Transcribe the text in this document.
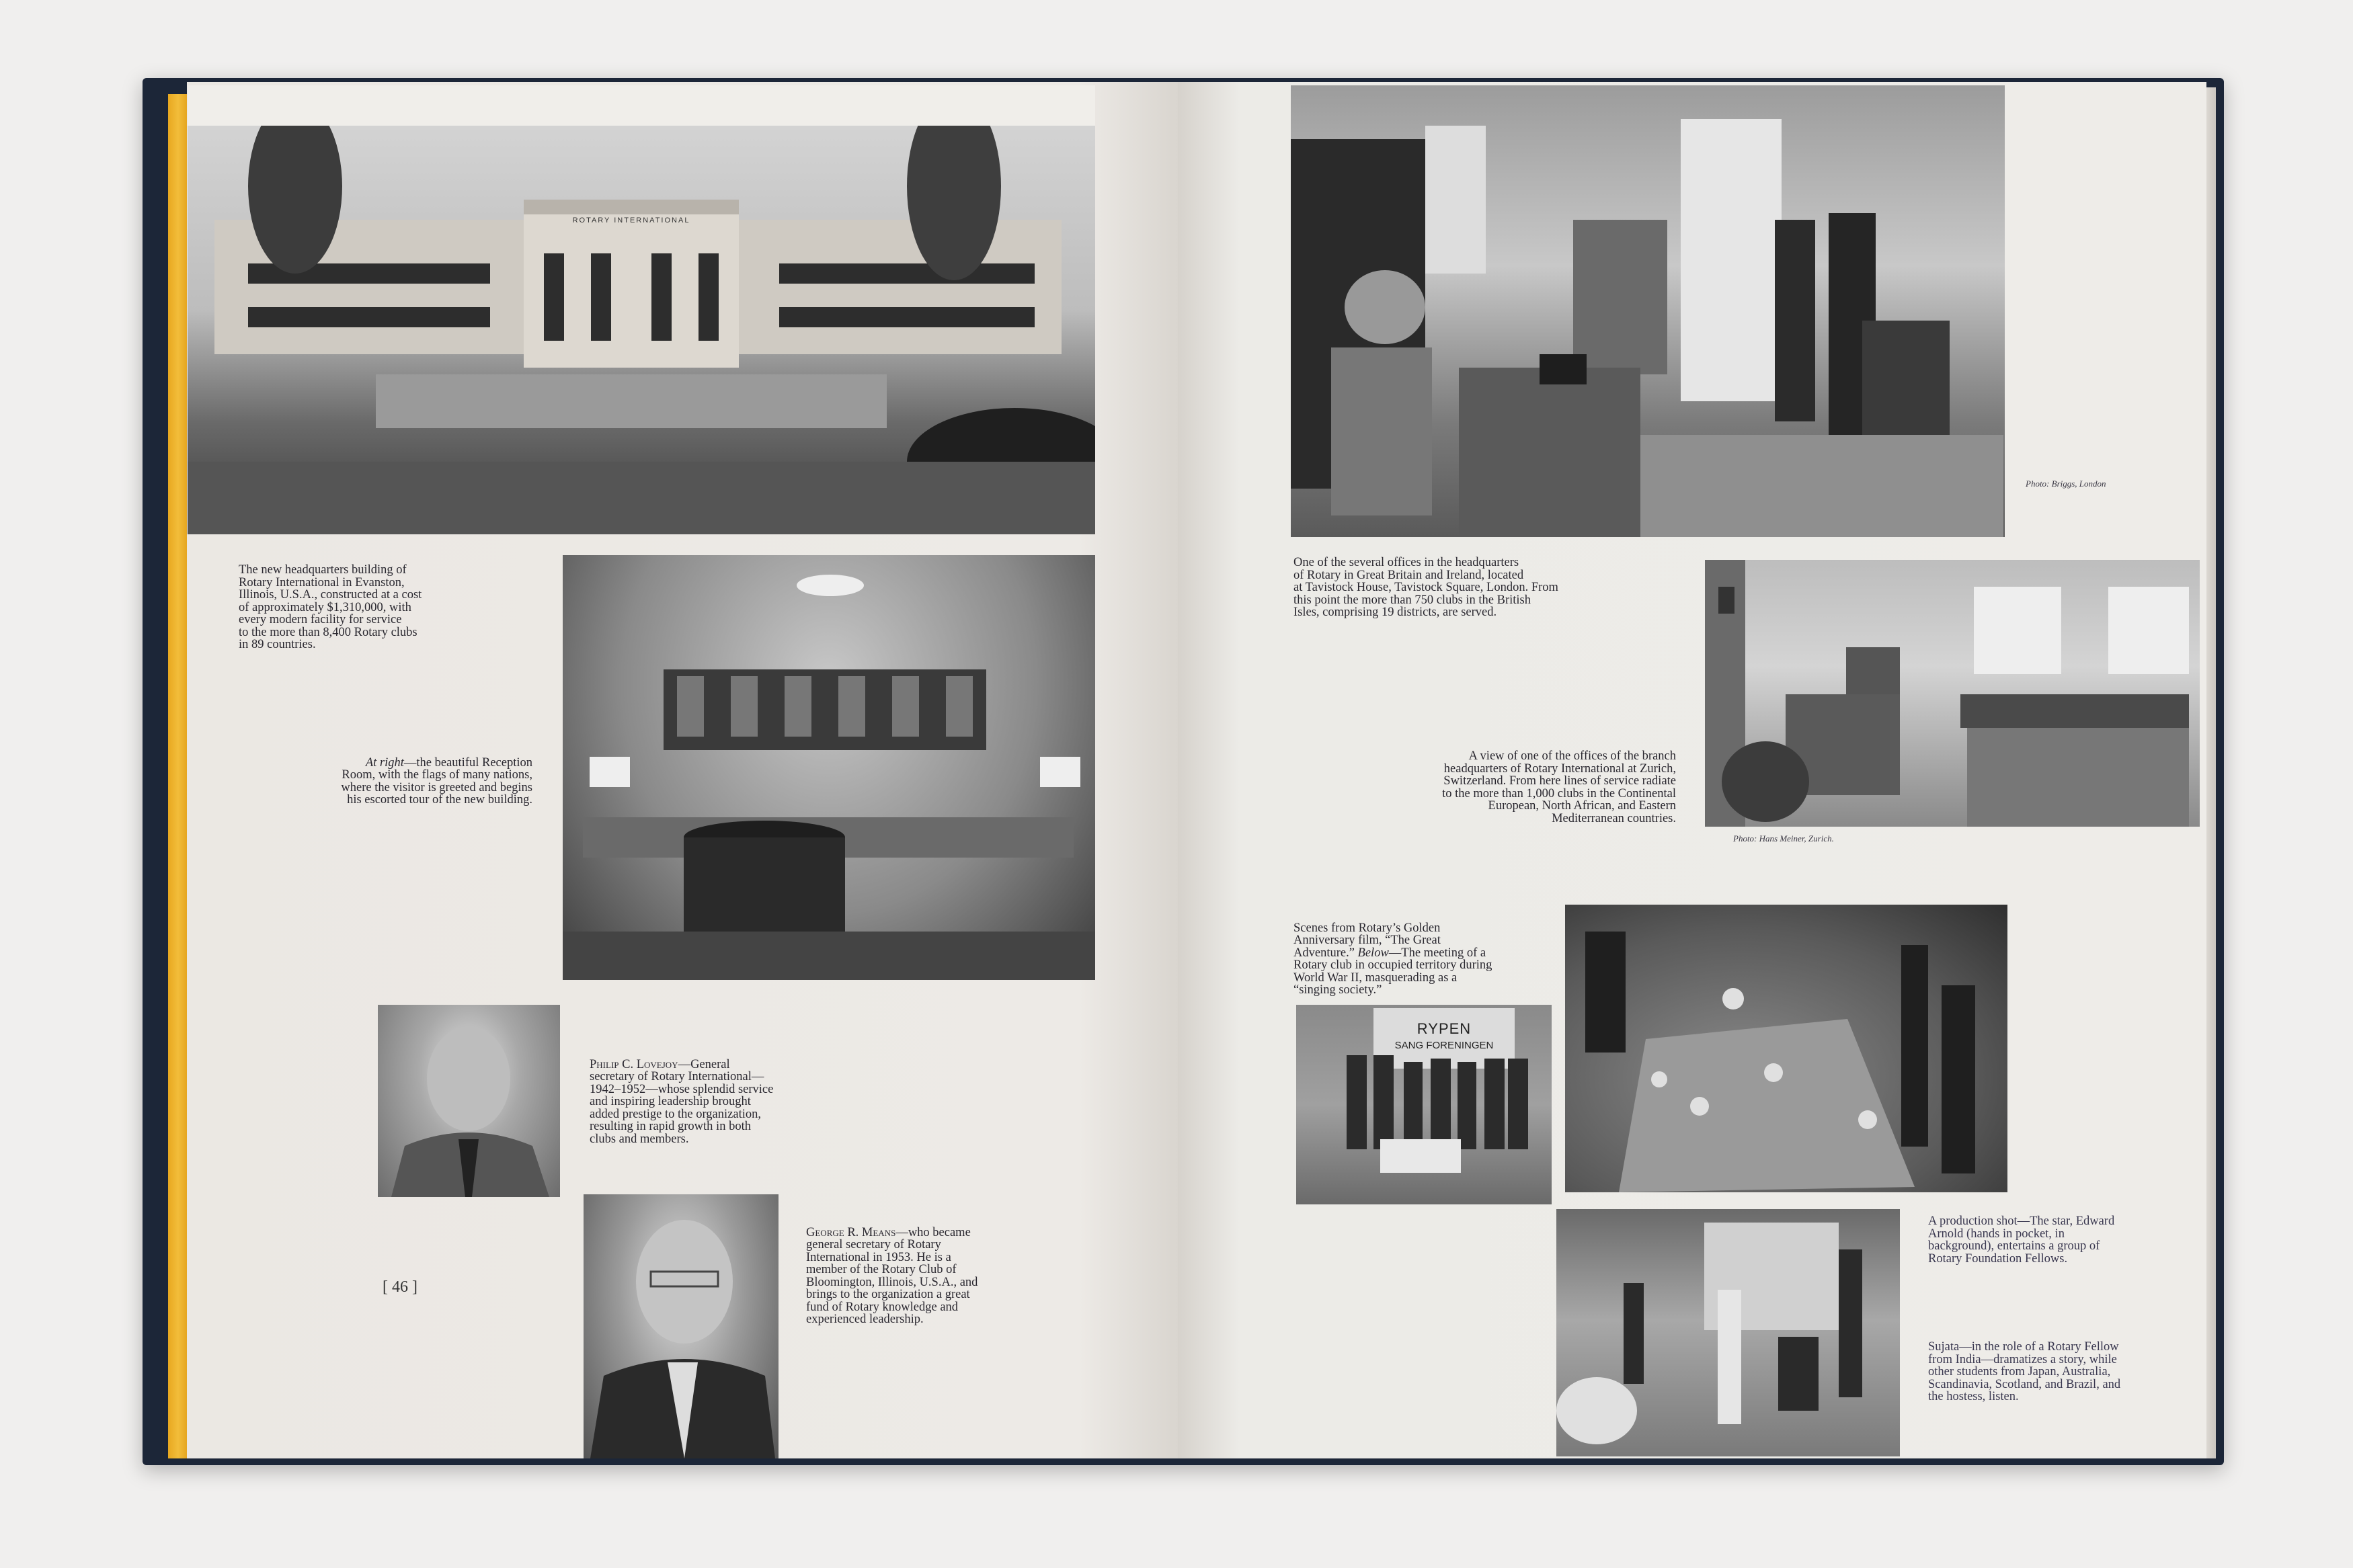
ROTARY INTERNATIONAL
The new headquarters building of
Rotary International in Evanston,
Illinois, U.S.A., constructed at a cost
of approximately $1,310,000, with
every modern facility for service
to the more than 8,400 Rotary clubs
in 89 countries.

At right—the beautiful Reception
Room, with the flags of many nations,
where the visitor is greeted and begins
his escorted tour of the new building.

Philip C. Lovejoy—General
secretary of Rotary International—
1942–1952—whose splendid service
and inspiring leadership brought
added prestige to the organization,
resulting in rapid growth in both
clubs and members.

George R. Means—who became
general secretary of Rotary
International in 1953. He is a
member of the Rotary Club of
Bloomington, Illinois, U.S.A., and
brings to the organization a great
fund of Rotary knowledge and
experienced leadership.

[ 46 ]
Photo: Briggs, London
One of the several offices in the headquarters
of Rotary in Great Britain and Ireland, located
at Tavistock House, Tavistock Square, London. From
this point the more than 750 clubs in the British
Isles, comprising 19 districts, are served.
A view of one of the offices of the branch
headquarters of Rotary International at Zurich,
Switzerland. From here lines of service radiate
to the more than 1,000 clubs in the Continental
European, North African, and Eastern
Mediterranean countries.
Photo: Hans Meiner, Zurich.

Scenes from Rotary’s Golden
Anniversary film, “The Great
Adventure.” Below—The meeting of a
Rotary club in occupied territory during
World War II, masquerading as a
“singing society.”

RYPEN
SANG FORENINGEN
A production shot—The star, Edward
Arnold (hands in pocket, in
background), entertains a group of
Rotary Foundation Fellows.
Sujata—in the role of a Rotary Fellow
from India—dramatizes a story, while
other students from Japan, Australia,
Scandinavia, Scotland, and Brazil, and
the hostess, listen.
